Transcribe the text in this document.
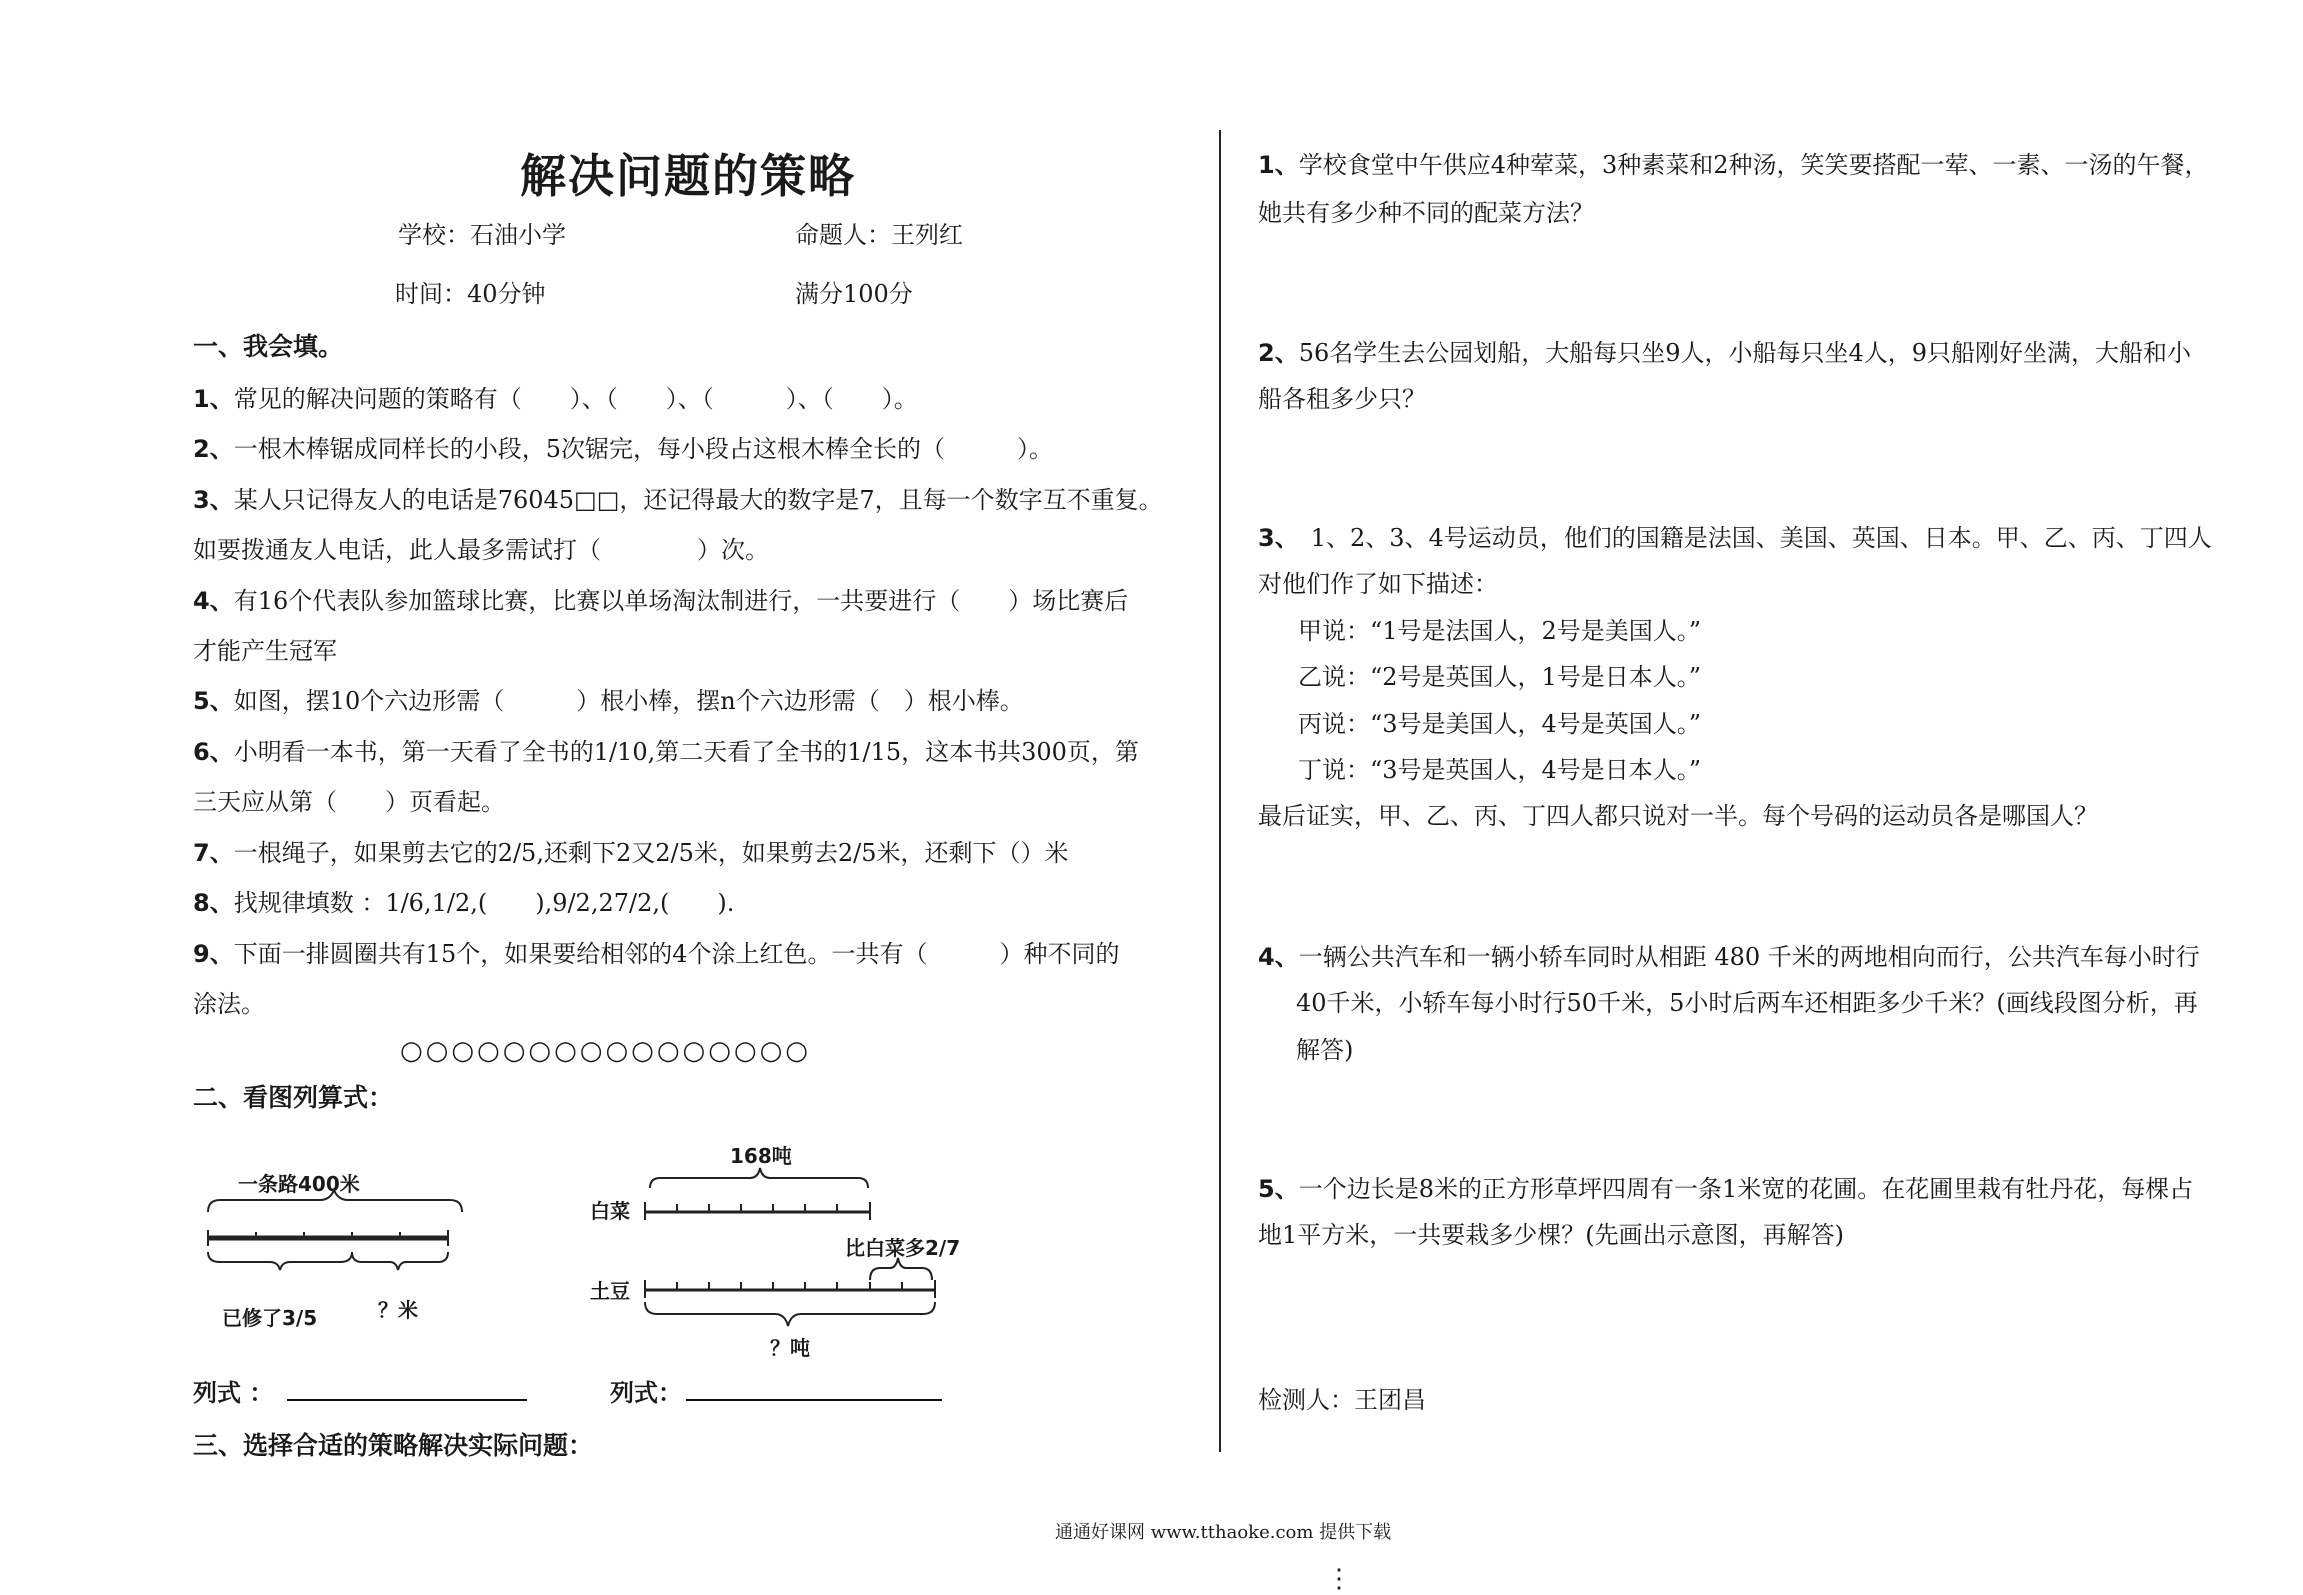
解决问题的策略
学校：石油小学	命题人：王列红
时间：40分钟	满分100分
一、我会填。
1、常见的解决问题的策略有（　　）、（　　）、（　　　）、（　　）。
2、一根木棒锯成同样长的小段，5次锯完，每小段占这根木棒全长的（　　　）。
3、某人只记得友人的电话是76045□□，还记得最大的数字是7，且每一个数字互不重复。
如要拨通友人电话，此人最多需试打（　　　　）次。
4、有16个代表队参加篮球比赛，比赛以单场淘汰制进行，一共要进行（　　）场比赛后
才能产生冠军
5、如图，摆10个六边形需（　　　）根小棒，摆n个六边形需（　）根小棒。
6、小明看一本书，第一天看了全书的1/10,第二天看了全书的1/15，这本书共300页，第
三天应从第（　　）页看起。
7、一根绳子，如果剪去它的2/5,还剩下2又2/5米，如果剪去2/5米，还剩下（）米
8、找规律填数 ：1/6,1/2,(　　),9/2,27/2,(　　).
9、下面一排圆圈共有15个，如果要给相邻的4个涂上红色。一共有（　　　）种不同的
涂法。
○○○○○○○○○○○○○○○○
二、看图列算式：
一条路400米
已修了3/5	？米
168吨
白菜
比白菜多2/7
土豆
？吨
列式 ：	列式：
三、选择合适的策略解决实际问题：
1、学校食堂中午供应4种荤菜，3种素菜和2种汤，笑笑要搭配一荤、一素、一汤的午餐，
她共有多少种不同的配菜方法？
2、56名学生去公园划船，大船每只坐9人，小船每只坐4人，9只船刚好坐满，大船和小
船各租多少只？
3、　1、2、3、4号运动员，他们的国籍是法国、美国、英国、日本。甲、乙、丙、丁四人
对他们作了如下描述：
甲说：“1号是法国人，2号是美国人。”
乙说：“2号是英国人，1号是日本人。”
丙说：“3号是美国人，4号是英国人。”
丁说：“3号是英国人，4号是日本人。”
最后证实，甲、乙、丙、丁四人都只说对一半。每个号码的运动员各是哪国人？
4、一辆公共汽车和一辆小轿车同时从相距 480 千米的两地相向而行，公共汽车每小时行
40千米，小轿车每小时行50千米，5小时后两车还相距多少千米？(画线段图分析，再
解答)
5、一个边长是8米的正方形草坪四周有一条1米宽的花圃。在花圃里栽有牡丹花，每棵占
地1平方米，一共要栽多少棵？(先画出示意图，再解答)
检测人：王团昌
通通好课网 www.tthaoke.com 提供下载
⋮
